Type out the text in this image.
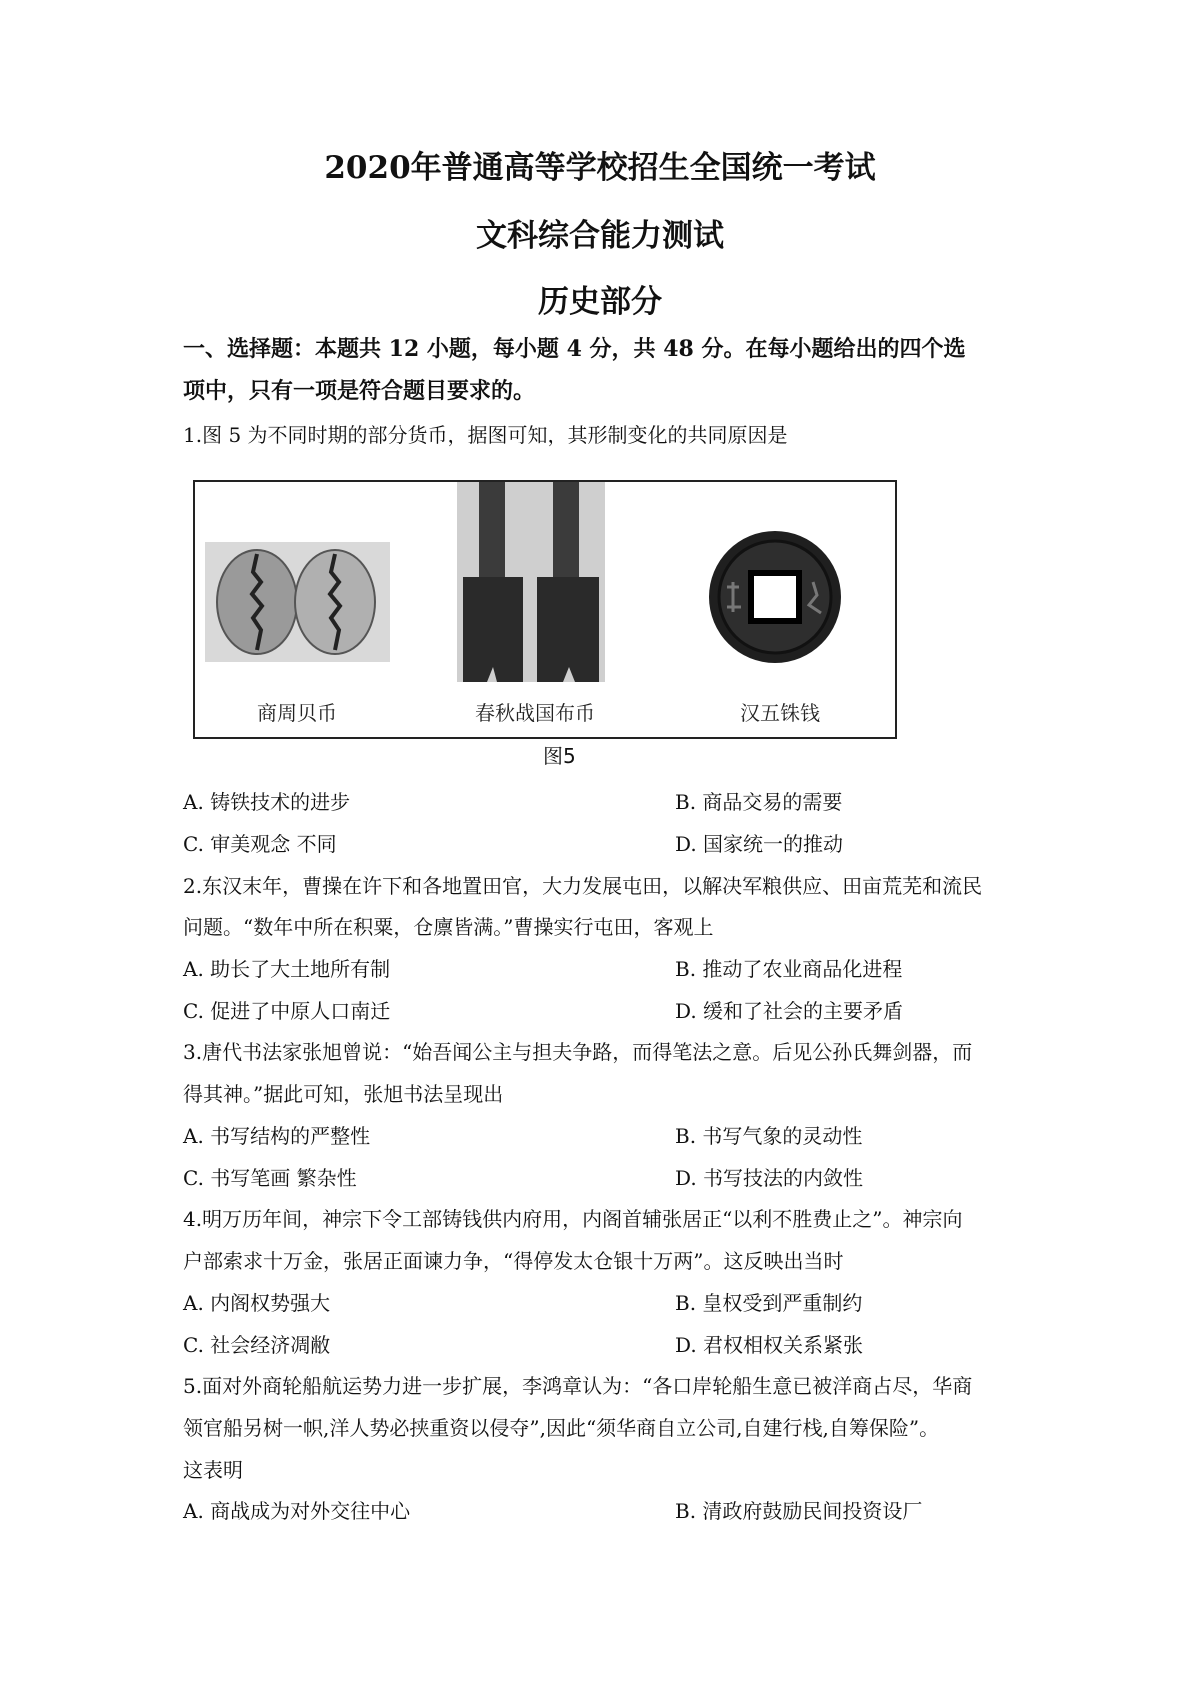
2020年普通高等学校招生全国统一考试
文科综合能力测试
历史部分
一、选择题：本题共 12 小题，每小题 4 分，共 48 分。在每小题给出的四个选
项中，只有一项是符合题目要求的。
1.图 5 为不同时期的部分货币，据图可知，其形制变化的共同原因是
商周贝币	春秋战国布币	汉五铢钱
图5
A. 铸铁技术的进步	B. 商品交易的需要
C. 审美观念 不同	D. 国家统一的推动
2.东汉末年，曹操在许下和各地置田官，大力发展屯田，以解决军粮供应、田亩荒芜和流民
问题。“数年中所在积粟，仓廪皆满。”曹操实行屯田，客观上
A. 助长了大土地所有制	B. 推动了农业商品化进程
C. 促进了中原人口南迁	D. 缓和了社会的主要矛盾
3.唐代书法家张旭曾说：“始吾闻公主与担夫争路，而得笔法之意。后见公孙氏舞剑器，而
得其神。”据此可知，张旭书法呈现出
A. 书写结构的严整性	B. 书写气象的灵动性
C. 书写笔画 繁杂性	D. 书写技法的内敛性
4.明万历年间，神宗下令工部铸钱供内府用，内阁首辅张居正“以利不胜费止之”。神宗向
户部索求十万金，张居正面谏力争，“得停发太仓银十万两”。这反映出当时
A. 内阁权势强大	B. 皇权受到严重制约
C. 社会经济凋敝	D. 君权相权关系紧张
5.面对外商轮船航运势力进一步扩展，李鸿章认为：“各口岸轮船生意已被洋商占尽，华商
领官船另树一帜,洋人势必挟重资以侵夺”,因此“须华商自立公司,自建行栈,自筹保险”。
这表明
A. 商战成为对外交往中心	B. 清政府鼓励民间投资设厂
